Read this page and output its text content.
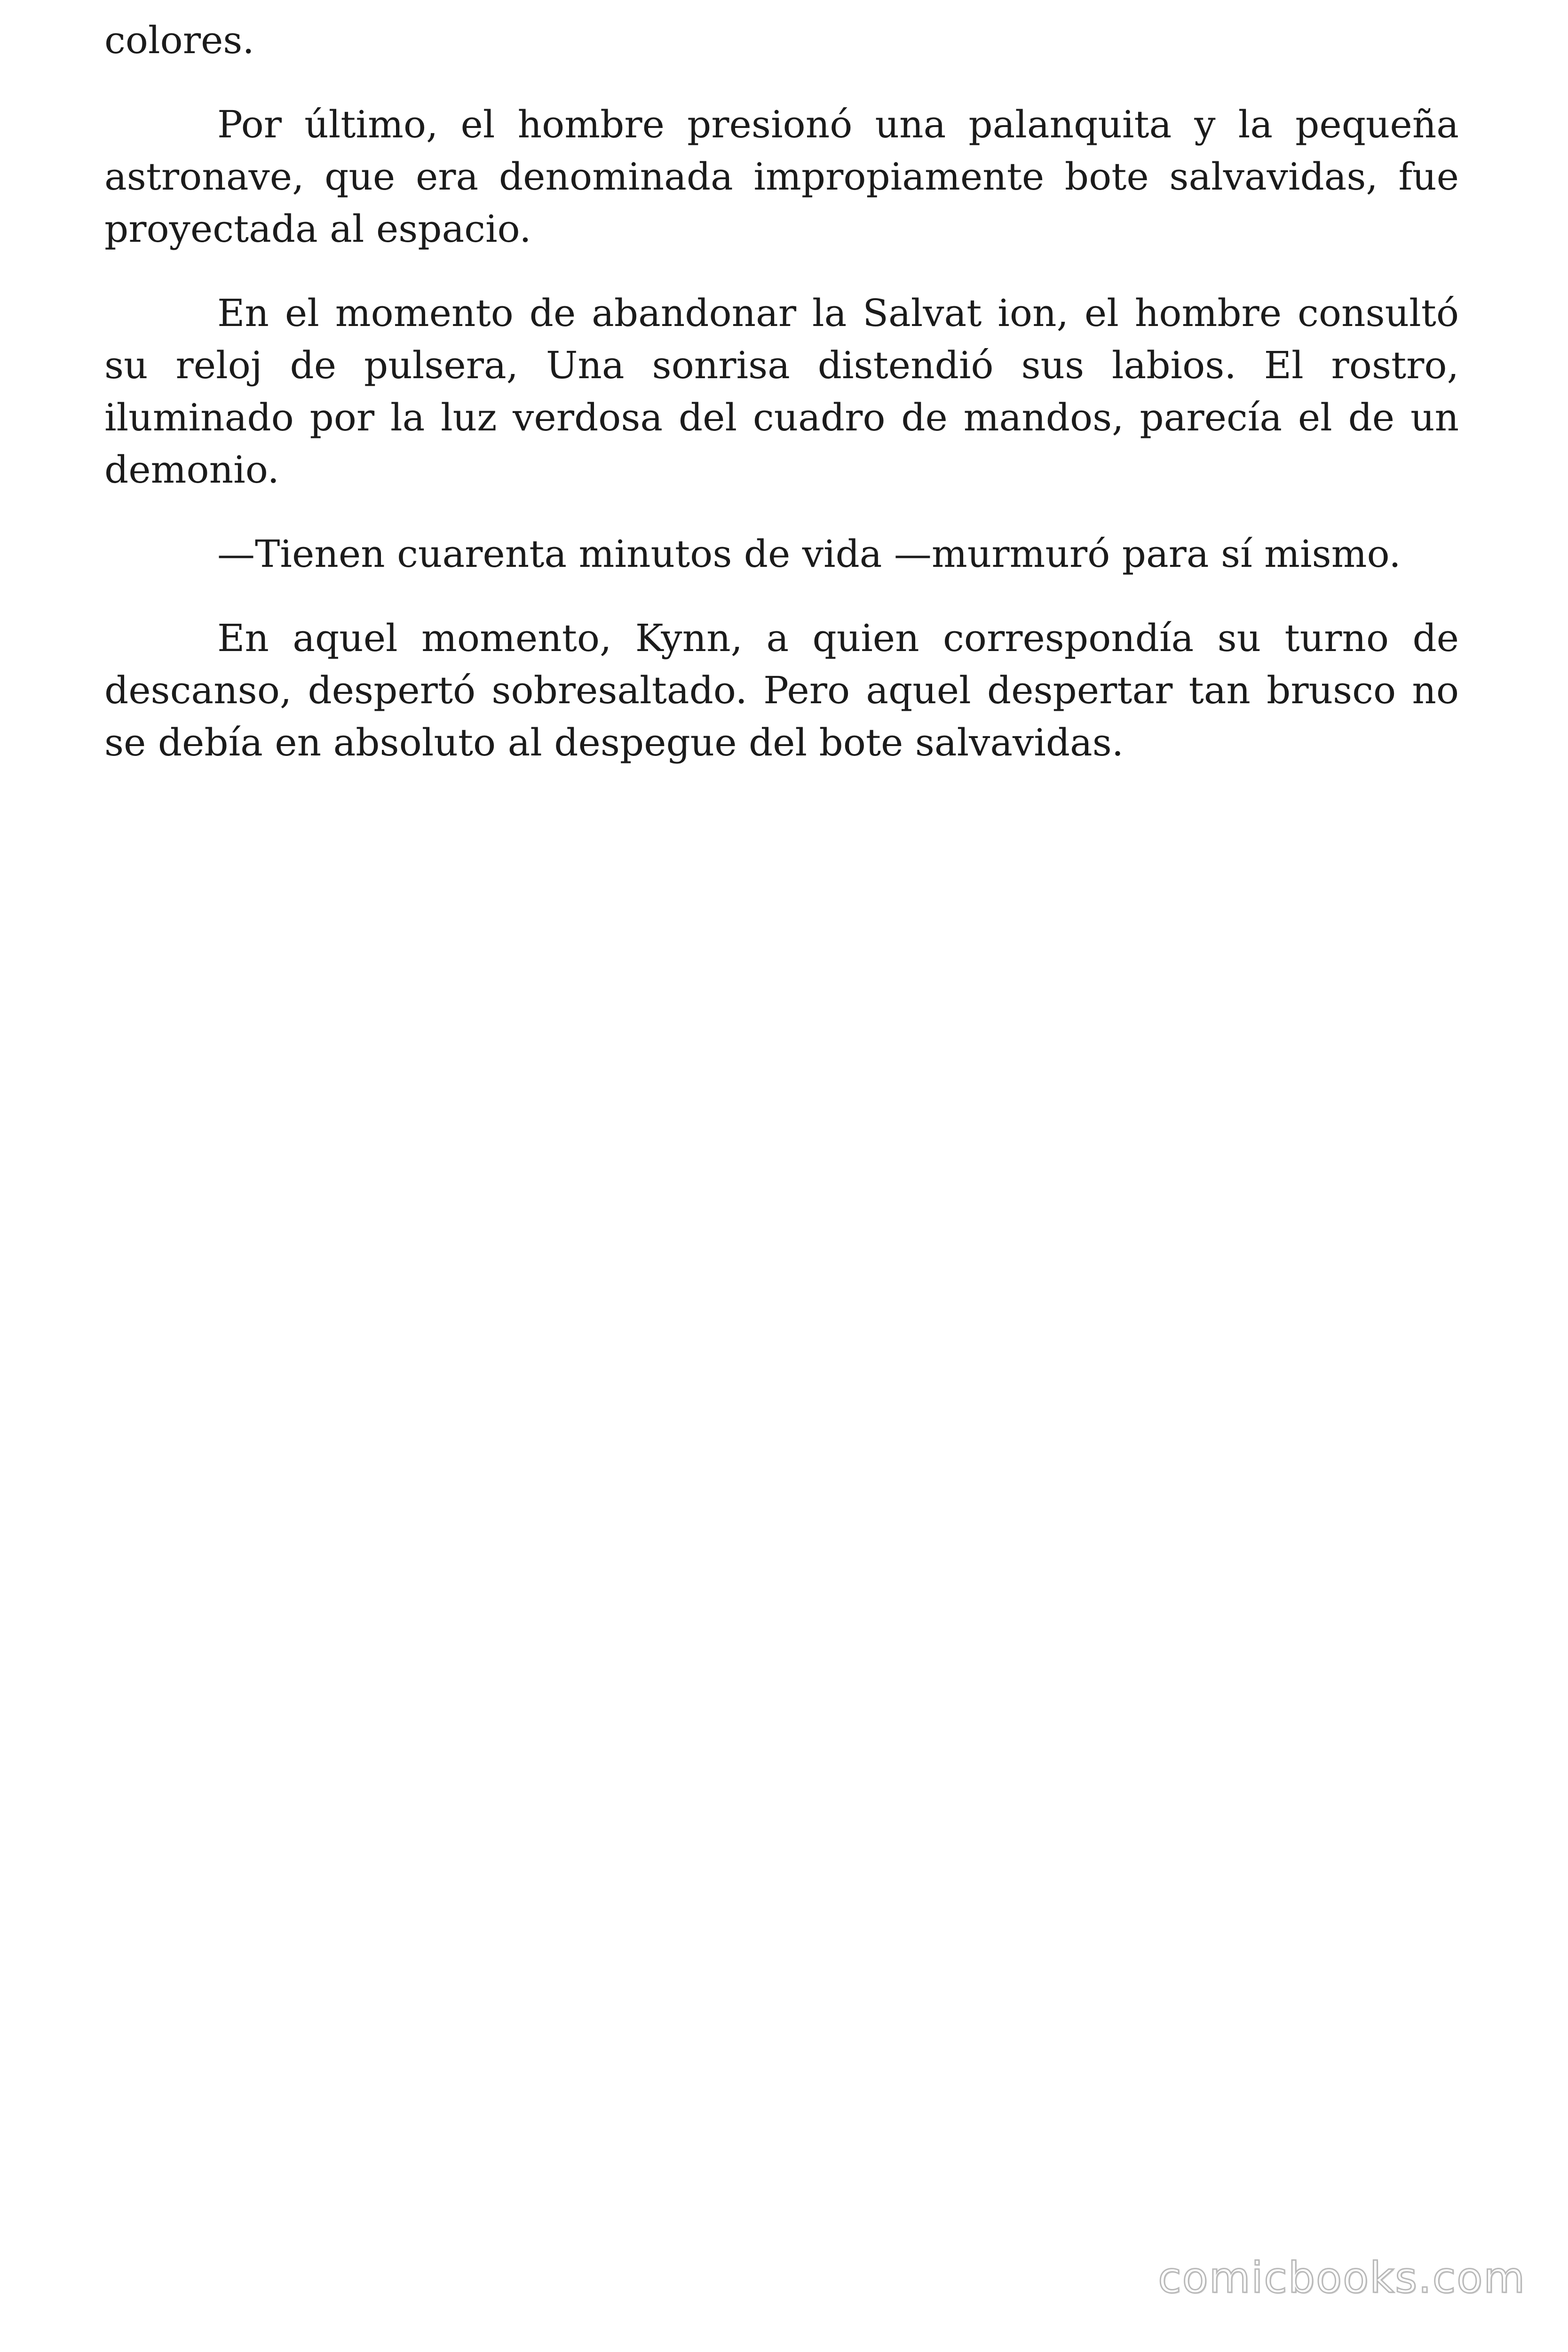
colores.

Por último, el hombre presionó una palanquita y la pequeña astronave, que era denominada impropiamente bote salvavidas, fue proyectada al espacio.

En el momento de abandonar la Salvat ion, el hombre consultó su reloj de pulsera, Una sonrisa distendió sus labios. El rostro, iluminado por la luz verdosa del cuadro de mandos, parecía el de un demonio.

—Tienen cuarenta minutos de vida —murmuró para sí mismo.

En aquel momento, Kynn, a quien correspondía su turno de descanso, despertó sobresaltado. Pero aquel despertar tan brusco no se debía en absoluto al despegue del bote salvavidas.

comicbooks.com
